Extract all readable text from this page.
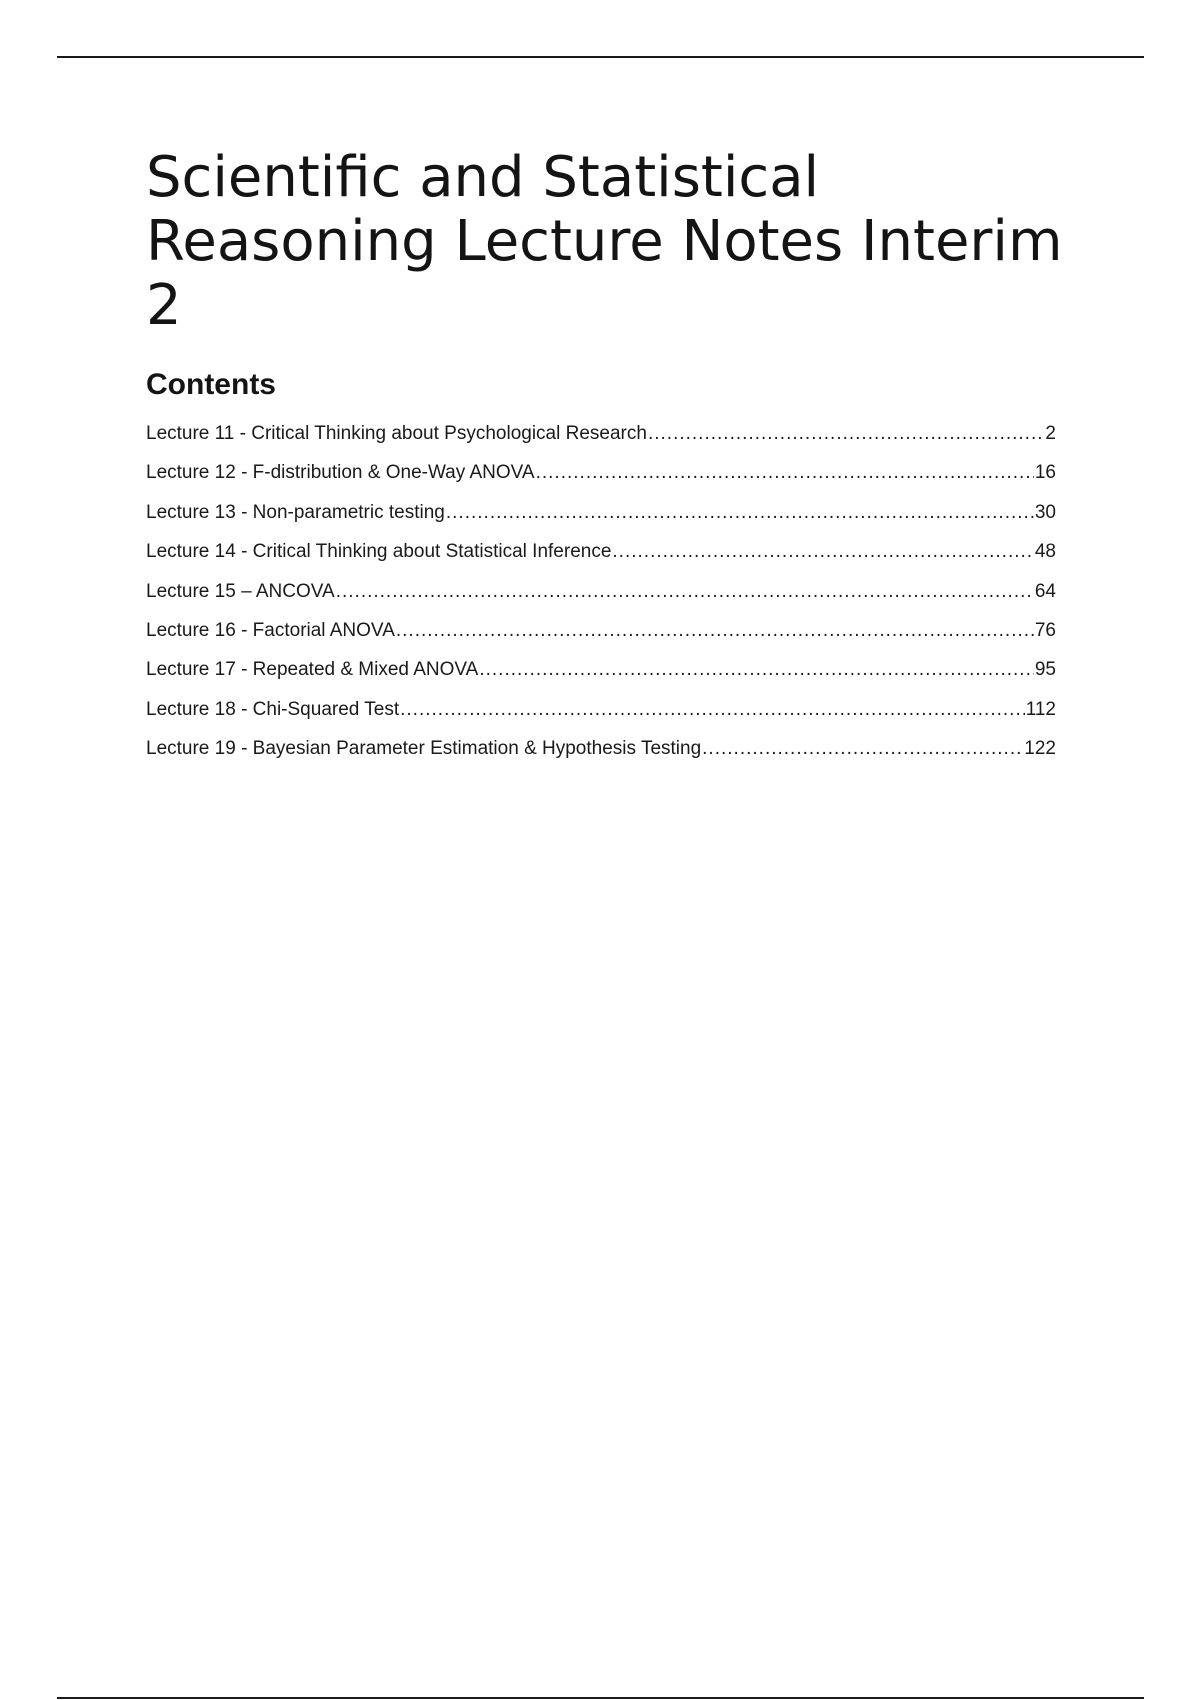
Scientific and Statistical Reasoning Lecture Notes Interim 2
Contents
Lecture 11 - Critical Thinking about Psychological Research .....	2
Lecture 12 - F-distribution & One-Way ANOVA .....	16
Lecture 13 - Non-parametric testing .....	30
Lecture 14 - Critical Thinking about Statistical Inference .....	48
Lecture 15 – ANCOVA .....	64
Lecture 16 - Factorial ANOVA .....	76
Lecture 17 - Repeated & Mixed ANOVA .....	95
Lecture 18 - Chi-Squared Test .....	112
Lecture 19 - Bayesian Parameter Estimation & Hypothesis Testing .....	122
